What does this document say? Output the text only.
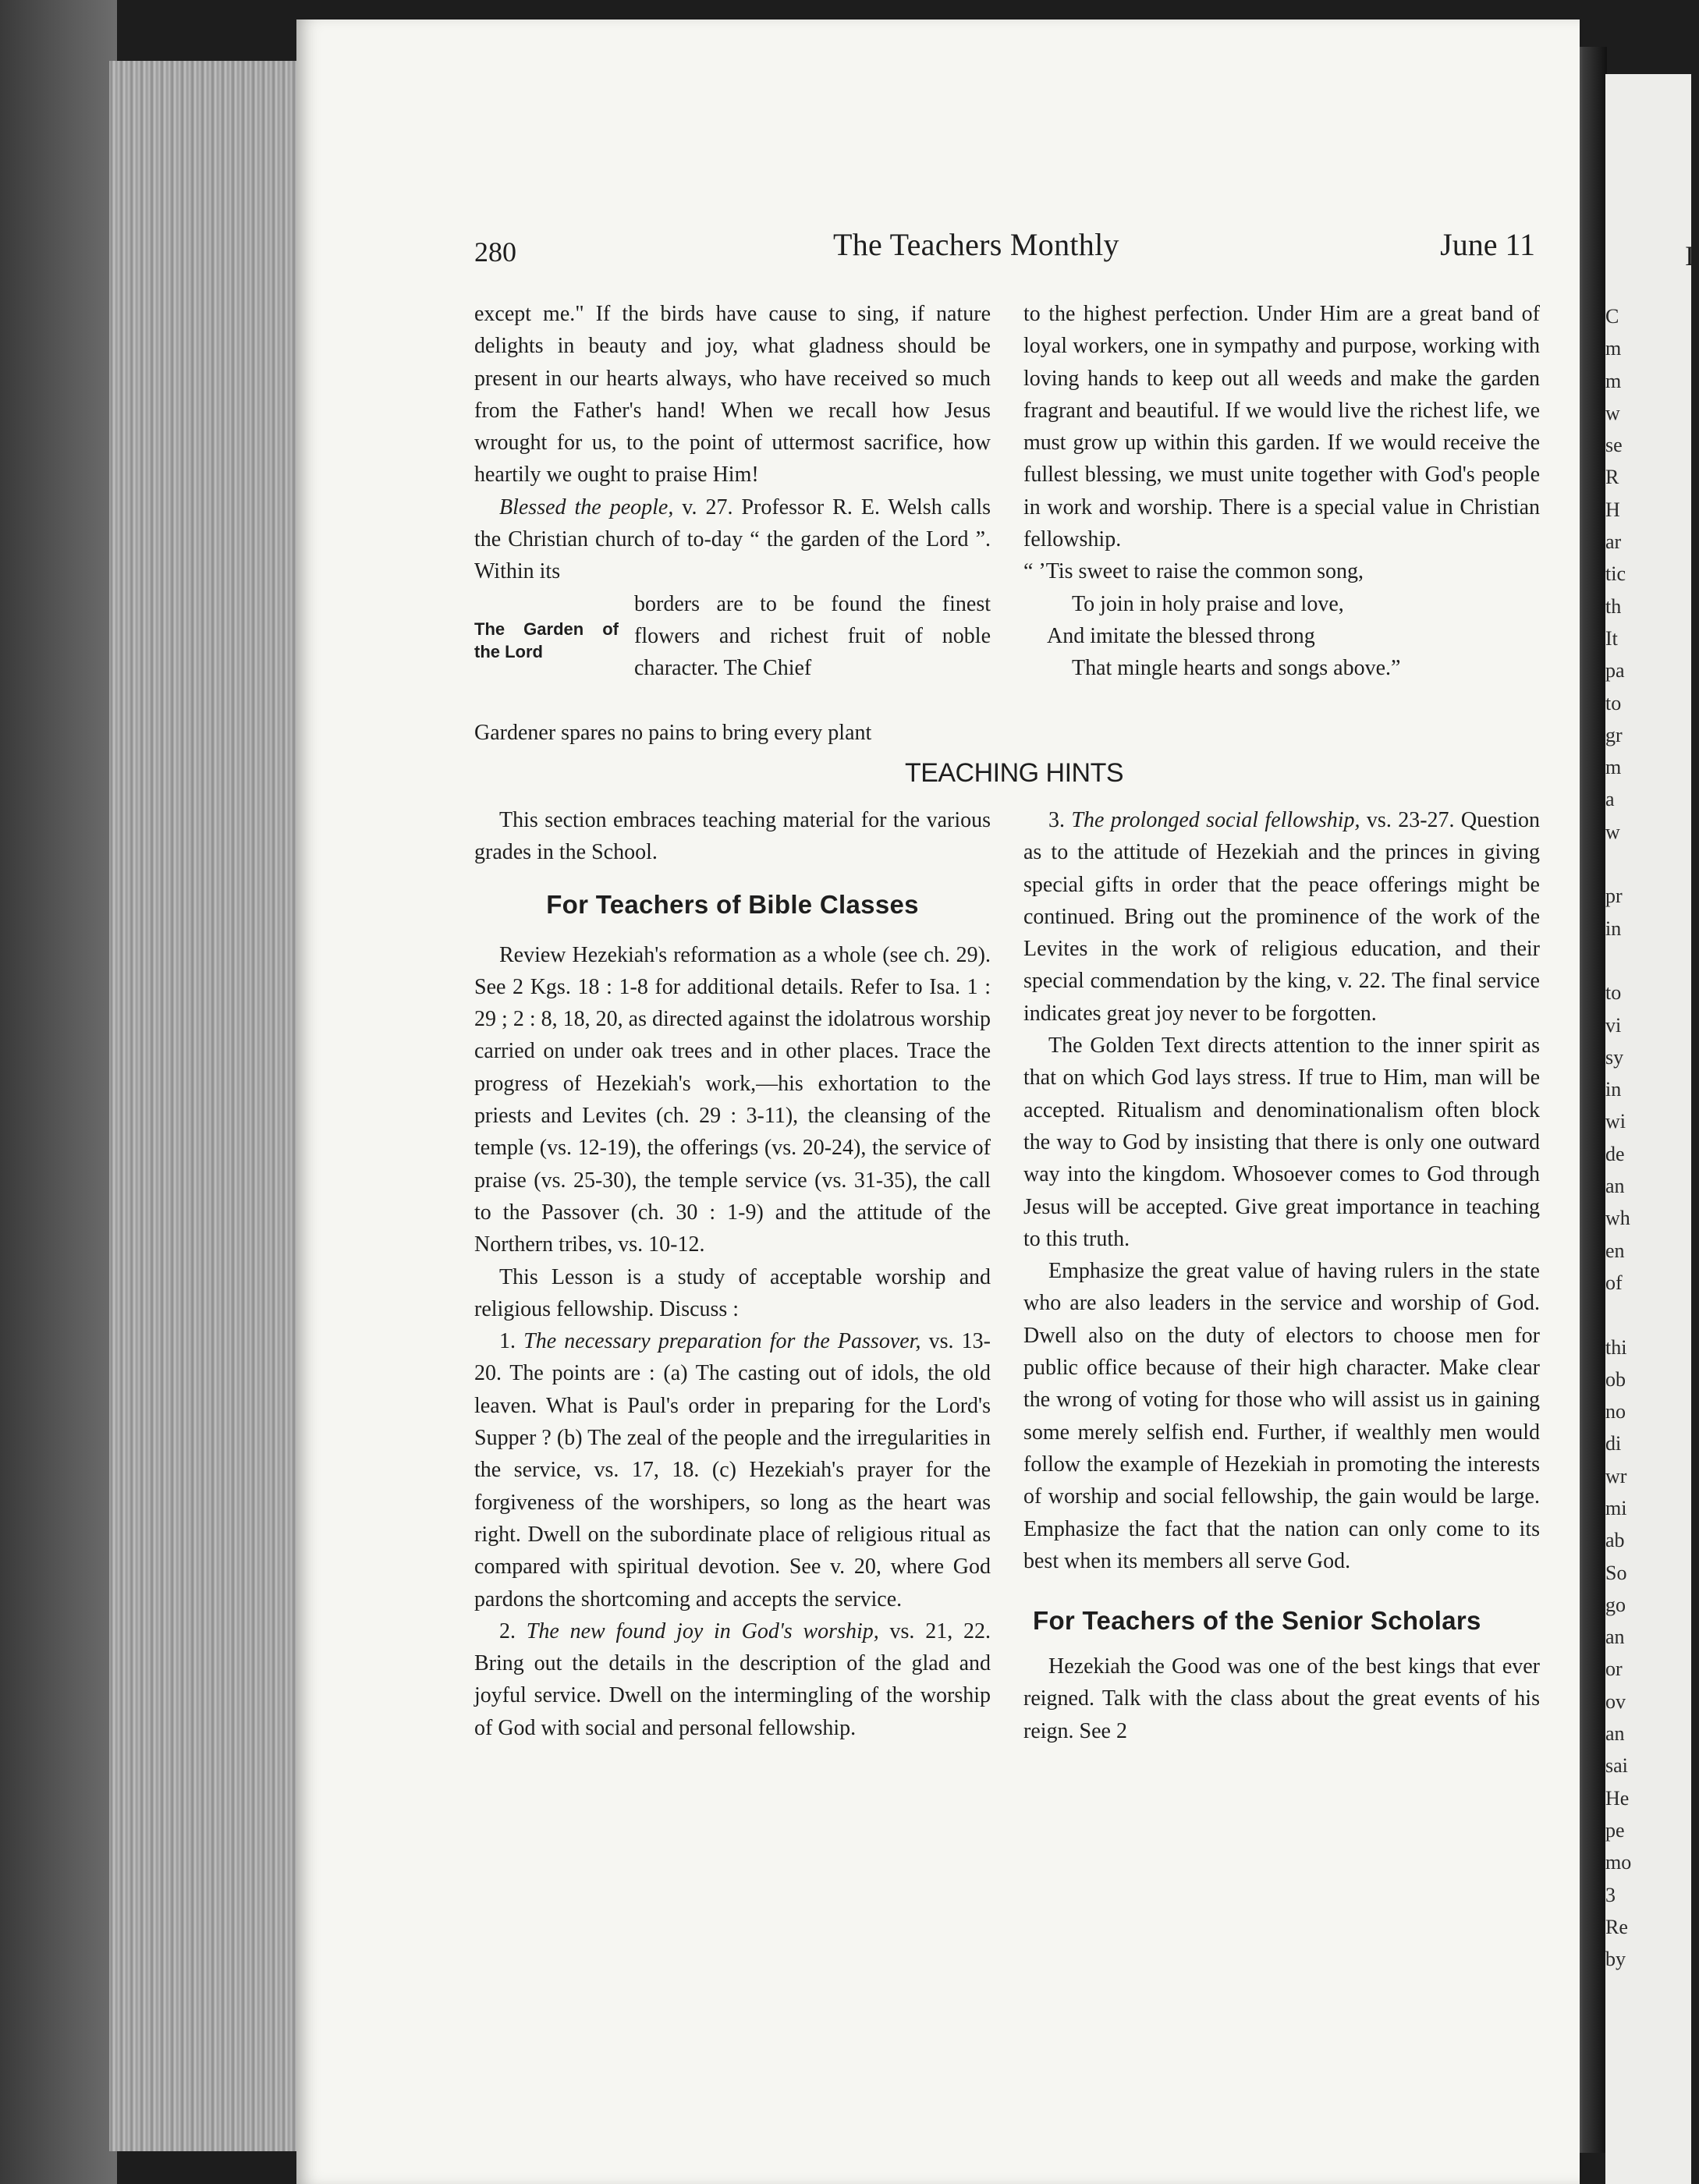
I
C
m
m
w
se
R
H
ar
tic
th
It
pa
to
gr
m
a
w
pr
in
to
vi
sy
in
wi
de
an
wh
en
of
thi
ob
no
di
wr
mi
ab
So
go
an
or
ov
an
sai
He
pe
mo
3
Re
by
280	The Teachers Monthly	June 11

except me." If the birds have cause to sing, if nature delights in beauty and joy, what gladness should be present in our hearts always, who have received so much from the Father's hand! When we recall how Jesus wrought for us, to the point of uttermost sacrifice, how heartily we ought to praise Him!

Blessed the people, v. 27. Professor R. E. Welsh calls the Christian church of to-day “ the garden of the Lord ”. Within its

The Garden of the Lord
borders are to be found the finest flowers and richest fruit of noble character. The Chief

Gardener spares no pains to bring every plant

to the highest perfection. Under Him are a great band of loyal workers, one in sympathy and purpose, working with loving hands to keep out all weeds and make the garden fragrant and beautiful. If we would live the richest life, we must grow up within this garden. If we would receive the fullest blessing, we must unite together with God's people in work and worship. There is a special value in Christian fellowship.

“ ’Tis sweet to raise the common song,
To join in holy praise and love,
And imitate the blessed throng
That mingle hearts and songs above.”
TEACHING HINTS

This section embraces teaching material for the various grades in the School.

For Teachers of Bible Classes

Review Hezekiah's reformation as a whole (see ch. 29). See 2 Kgs. 18 : 1-8 for additional details. Refer to Isa. 1 : 29 ; 2 : 8, 18, 20, as directed against the idolatrous worship carried on under oak trees and in other places. Trace the progress of Hezekiah's work,—his exhortation to the priests and Levites (ch. 29 : 3-11), the cleansing of the temple (vs. 12-19), the offerings (vs. 20-24), the service of praise (vs. 25-30), the temple service (vs. 31-35), the call to the Passover (ch. 30 : 1-9) and the attitude of the Northern tribes, vs. 10-12.

This Lesson is a study of acceptable worship and religious fellowship. Discuss :

1. The necessary preparation for the Passover, vs. 13-20. The points are : (a) The casting out of idols, the old leaven. What is Paul's order in preparing for the Lord's Supper ? (b) The zeal of the people and the irregularities in the service, vs. 17, 18. (c) Hezekiah's prayer for the forgiveness of the worshipers, so long as the heart was right. Dwell on the subordinate place of religious ritual as compared with spiritual devotion. See v. 20, where God pardons the shortcoming and accepts the service.

2. The new found joy in God's worship, vs. 21, 22. Bring out the details in the description of the glad and joyful service. Dwell on the intermingling of the worship of God with social and personal fellowship.

3. The prolonged social fellowship, vs. 23-27. Question as to the attitude of Hezekiah and the princes in giving special gifts in order that the peace offerings might be continued. Bring out the prominence of the work of the Levites in the work of religious education, and their special commendation by the king, v. 22. The final service indicates great joy never to be forgotten.

The Golden Text directs attention to the inner spirit as that on which God lays stress. If true to Him, man will be accepted. Ritualism and denominationalism often block the way to God by insisting that there is only one outward way into the kingdom. Whosoever comes to God through Jesus will be accepted. Give great importance in teaching to this truth.

Emphasize the great value of having rulers in the state who are also leaders in the service and worship of God. Dwell also on the duty of electors to choose men for public office because of their high character. Make clear the wrong of voting for those who will assist us in gaining some merely selfish end. Further, if wealthly men would follow the example of Hezekiah in promoting the interests of worship and social fellowship, the gain would be large. Emphasize the fact that the nation can only come to its best when its members all serve God.

For Teachers of the Senior Scholars

Hezekiah the Good was one of the best kings that ever reigned. Talk with the class about the great events of his reign. See 2
